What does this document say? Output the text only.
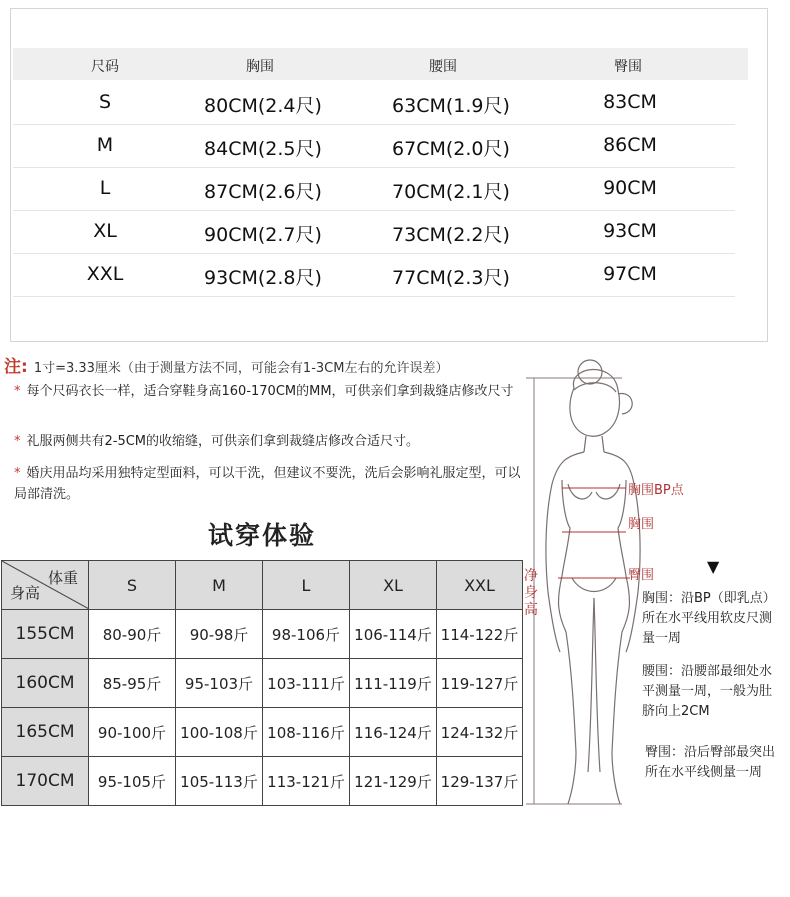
尺码	胸围	腰围	臀围
S	80CM(2.4尺)	63CM(1.9尺)	83CM
M	84CM(2.5尺)	67CM(2.0尺)	86CM
L	87CM(2.6尺)	70CM(2.1尺)	90CM
XL	90CM(2.7尺)	73CM(2.2尺)	93CM
XXL	93CM(2.8尺)	77CM(2.3尺)	97CM
注: 1寸=3.33厘米（由于测量方法不同，可能会有1-3CM左右的允许误差）
* 每个尺码衣长一样，适合穿鞋身高160-170CM的MM，可供亲们拿到裁缝店修改尺寸
* 礼服两侧共有2-5CM的收缩缝，可供亲们拿到裁缝店修改合适尺寸。
* 婚庆用品均采用独特定型面料，可以干洗，但建议不要洗，洗后会影响礼服定型，可以局部清洗。
试穿体验
体重
身高	S	M	L	XL	XXL
155CM	80-90斤	90-98斤	98-106斤	106-114斤	114-122斤
160CM	85-95斤	95-103斤	103-111斤	111-119斤	119-127斤
165CM	90-100斤	100-108斤	108-116斤	116-124斤	124-132斤
170CM	95-105斤	105-113斤	113-121斤	121-129斤	129-137斤
胸围BP点
胸围
臀围
净身高
▼
胸围：沿BP（即乳点）所在水平线用软皮尺测量一周
腰围：沿腰部最细处水平测量一周，一般为肚脐向上2CM
臀围：沿后臀部最突出所在水平线侧量一周
